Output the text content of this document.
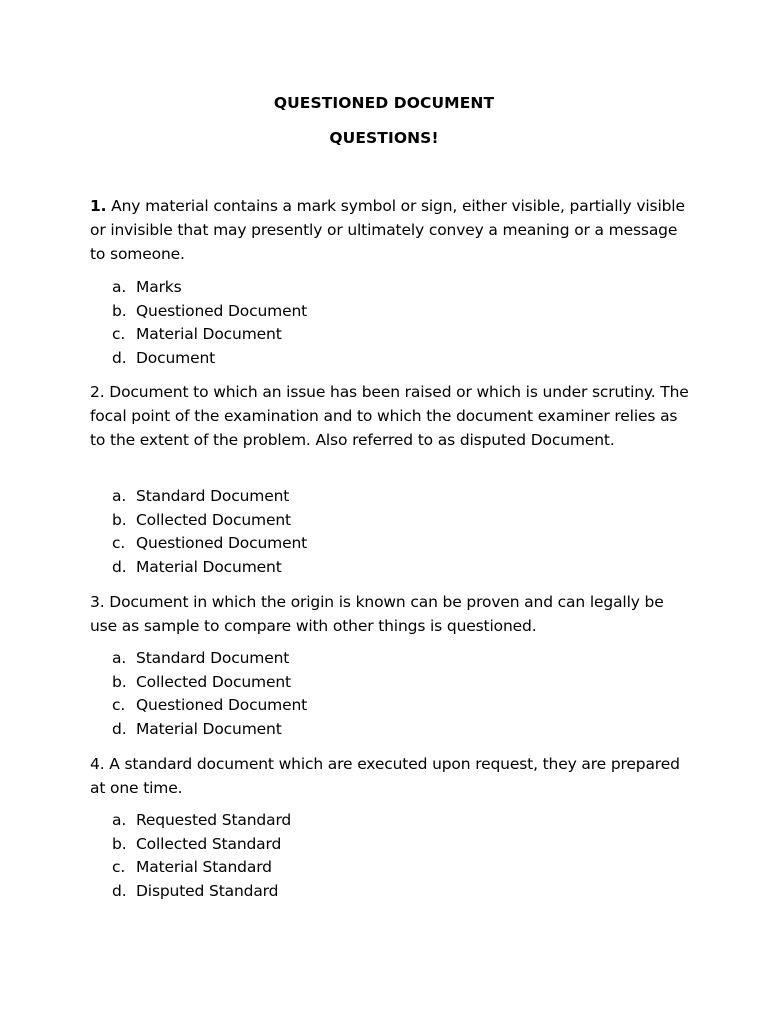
QUESTIONED DOCUMENT
QUESTIONS!
1. Any material contains a mark symbol or sign, either visible, partially visible or invisible that may presently or ultimately convey a meaning or a message to someone.
a. Marks
b. Questioned Document
c. Material Document
d. Document
2. Document to which an issue has been raised or which is under scrutiny. The focal point of the examination and to which the document examiner relies as to the extent of the problem. Also referred to as disputed Document.
a. Standard Document
b. Collected Document
c. Questioned Document
d. Material Document
3. Document in which the origin is known can be proven and can legally be use as sample to compare with other things is questioned.
a. Standard Document
b. Collected Document
c. Questioned Document
d. Material Document
4. A standard document which are executed upon request, they are prepared at one time.
a. Requested Standard
b. Collected Standard
c. Material Standard
d. Disputed Standard
